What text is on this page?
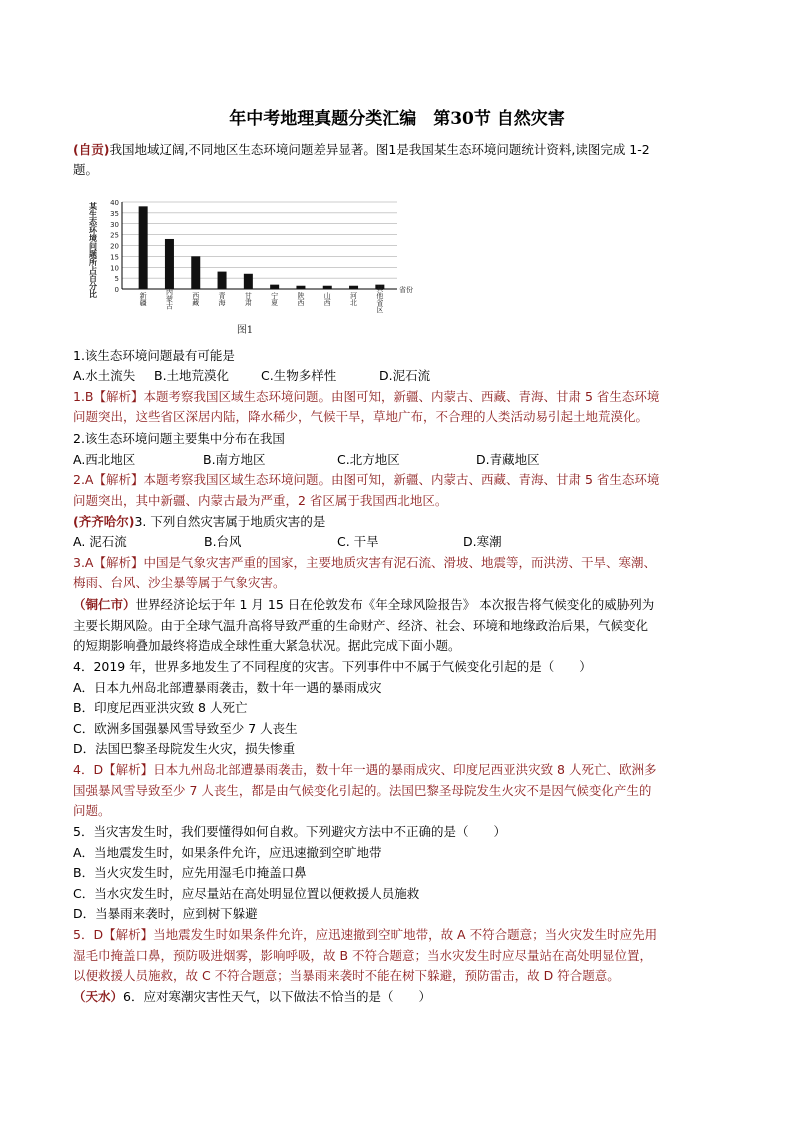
年中考地理真题分类汇编　第30节 自然灾害
(自贡)我国地域辽阔,不同地区生态环境问题差异显著。图1是我国某生态环境问题统计资料,读图完成 1-2
题。
0
5
10
15
20
25
30
35
40
某生态环境问题所占百分比
新疆	内蒙古	西藏	青海	甘肃	宁夏	陕西	山西	河北	其他省区 省份
图1
1.该生态环境问题最有可能是
A.水土流失 B.土地荒漠化	C.生物多样性	D.泥石流
1.B【解析】本题考察我国区域生态环境问题。由图可知，新疆、内蒙古、西藏、青海、甘肃 5 省生态环境
问题突出，这些省区深居内陆，降水稀少，气候干旱，草地广布，不合理的人类活动易引起土地荒漠化。
2.该生态环境问题主要集中分布在我国
A.西北地区	B.南方地区	C.北方地区	D.青藏地区
2.A【解析】本题考察我国区域生态环境问题。由图可知，新疆、内蒙古、西藏、青海、甘肃 5 省生态环境
问题突出，其中新疆、内蒙古最为严重，2 省区属于我国西北地区。
(齐齐哈尔)3. 下列自然灾害属于地质灾害的是
A. 泥石流	B.台风	C. 干旱	D.寒潮
3.A【解析】中国是气象灾害严重的国家，主要地质灾害有泥石流、滑坡、地震等，而洪涝、干旱、寒潮、
梅雨、台风、沙尘暴等属于气象灾害。
（铜仁市）世界经济论坛于年 1 月 15 日在伦敦发布《年全球风险报告》 本次报告将气候变化的威胁列为
主要长期风险。由于全球气温升高将导致严重的生命财产、经济、社会、环境和地缘政治后果，气候变化
的短期影响叠加最终将造成全球性重大紧急状况。据此完成下面小题。
4．2019 年，世界多地发生了不同程度的灾害。下列事件中不属于气候变化引起的是（　　）
A．日本九州岛北部遭暴雨袭击，数十年一遇的暴雨成灾
B．印度尼西亚洪灾致 8 人死亡
C．欧洲多国强暴风雪导致至少 7 人丧生
D．法国巴黎圣母院发生火灾，损失惨重
4．D【解析】日本九州岛北部遭暴雨袭击，数十年一遇的暴雨成灾、印度尼西亚洪灾致 8 人死亡、欧洲多
国强暴风雪导致至少 7 人丧生，都是由气候变化引起的。法国巴黎圣母院发生火灾不是因气候变化产生的
问题。
5．当灾害发生时，我们要懂得如何自救。下列避灾方法中不正确的是（　　）
A．当地震发生时，如果条件允许，应迅速撤到空旷地带
B．当火灾发生时，应先用湿毛巾掩盖口鼻
C．当水灾发生时，应尽量站在高处明显位置以便救援人员施救
D．当暴雨来袭时，应到树下躲避
5．D【解析】当地震发生时如果条件允许，应迅速撤到空旷地带，故 A 不符合题意；当火灾发生时应先用
湿毛巾掩盖口鼻，预防吸进烟雾，影响呼吸，故 B 不符合题意；当水灾发生时应尽量站在高处明显位置，
以便救援人员施救，故 C 不符合题意；当暴雨来袭时不能在树下躲避，预防雷击，故 D 符合题意。
（天水）6．应对寒潮灾害性天气，以下做法不恰当的是（　　）
